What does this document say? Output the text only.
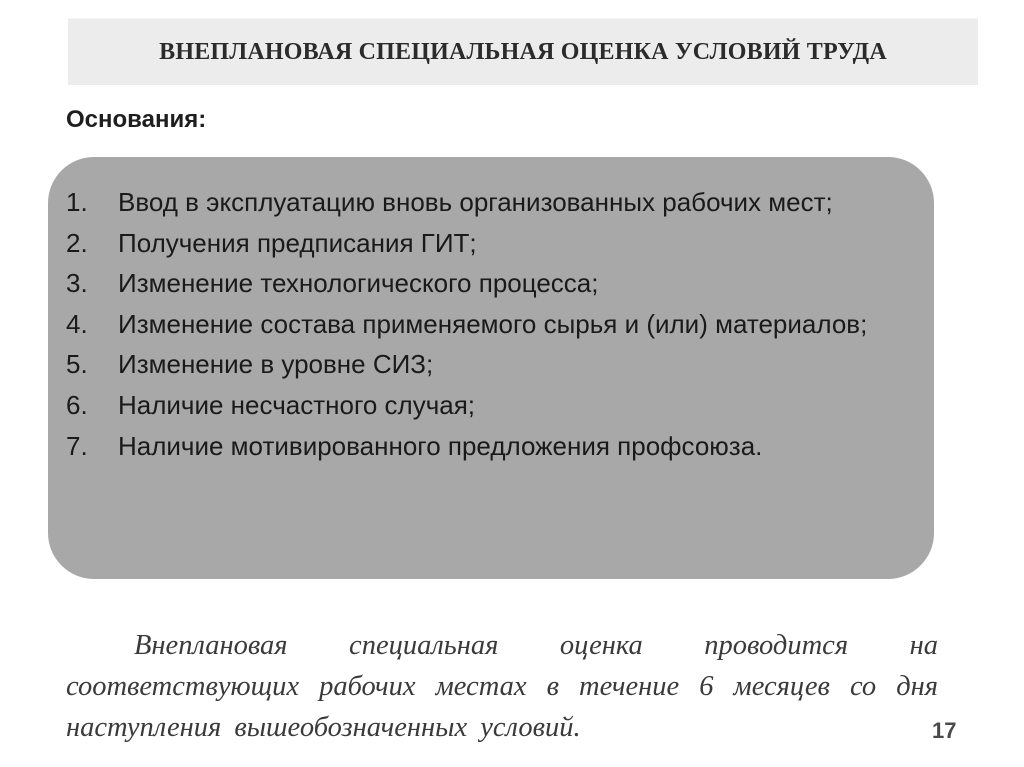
ВНЕПЛАНОВАЯ СПЕЦИАЛЬНАЯ ОЦЕНКА УСЛОВИЙ ТРУДА
Основания:
1.	Ввод в эксплуатацию вновь организованных рабочих мест;
2.	Получения предписания ГИТ;
3.	Изменение технологического процесса;
4.	Изменение состава применяемого сырья и (или) материалов;
5.	Изменение в уровне СИЗ;
6.	Наличие несчастного случая;
7.	Наличие мотивированного предложения профсоюза.

Внеплановая специальная оценка проводится на соответствующих рабочих местах в течение 6 месяцев со дня наступления вышеобозначенных условий.	17
